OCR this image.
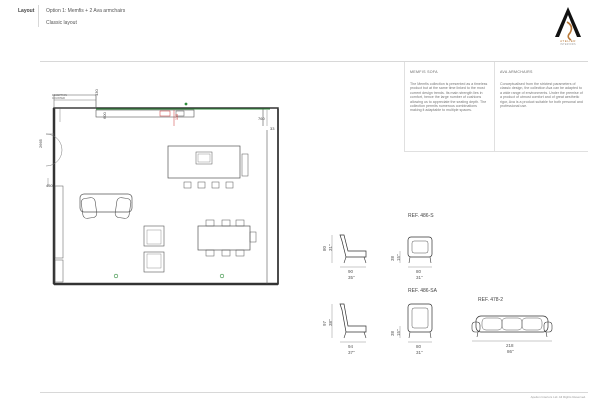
Layout Option 1: Memfis + 2 Ava armchairs
Classic layout
ATELIER
INTERIORS
RECEPTION
COUNTER
130
600	130	760
33
2665
450
MEMFIS SOFA

The Memfis collection is presented as a timeless product but at the same time linked to the most current design trends. Its main strength lies in comfort, hence the large number of cushions allowing us to appreciate the seating depth. The collection permits numerous combinations making it adaptable to multiple spaces.

AVA ARMCHAIRS

Conceptualised from the strictest parameters of classic design, the collection Ava can be adapted to a wide range of environments. Under the premise of a product of utmost comfort and of great aesthetic rigor, Ava is a product suitable for both personal and professional use.

REF. 486-S
80 31"
38 15"
90
35"
80
31"
REF. 486-SA
97 38"
38 15"
94
37"
80
31"
REF. 478-2
218
86"
Apelion Interiors Ltd. All Rights Reserved.
